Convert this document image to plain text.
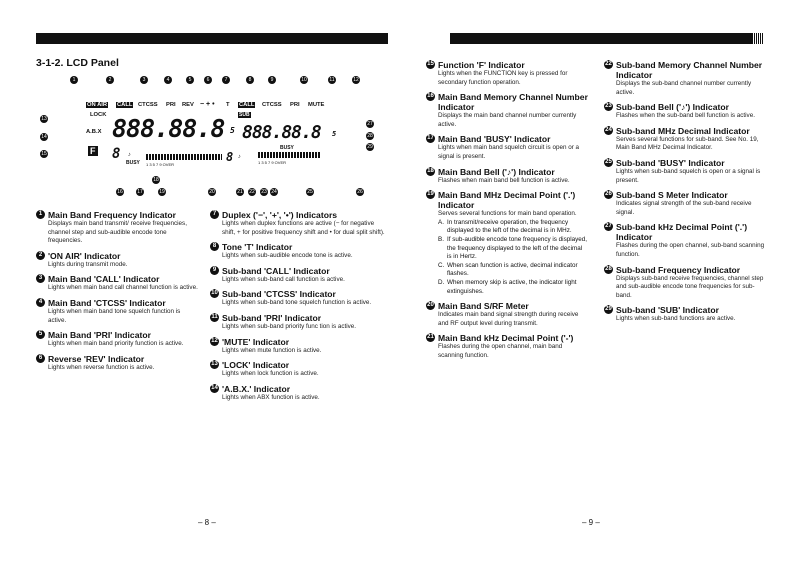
3-1-2. LCD Panel
1	2	3	4	5	6	7	8	9	10	11	12
13
14
15
27
28
29
26
16	17
18
19	20	21 22 23 24	25
ON AIR CALL CTCSS PRI REV − + • T CALL CTCSS PRI MUTE
LOCK
A.B.X
F
888.88.8 5
8 ♪
BUSY 1 3 5 7 9 OVER
SUB
888.88.8 5
8 ♪
BUSY
1 3 5 7 9 OVER
1 Main Band Frequency Indicator
Displays main band transmit/ receive frequencies, channel step and sub-audible encode tone frequencies.
2 'ON AIR' Indicator
Lights during transmit mode.
3 Main Band 'CALL' Indicator
Lights when main band call channel function is active.
4 Main Band 'CTCSS' Indicator
Lights when main band tone squelch function is active.
5 Main Band 'PRI' Indicator
Lights when main band priority function is active.
6 Reverse 'REV' Indicator
Lights when reverse function is active.
7 Duplex ('−', '+', '•') Indicators
Lights when duplex functions are active (− for negative shift, + for positive frequency shift and • for dual split shift).
8 Tone 'T' Indicator
Lights when sub-audible encode tone is active.
9 Sub-band 'CALL' Indicator
Lights when sub-band call function is active.
10 Sub-band 'CTCSS' Indicator
Lights when sub-band tone squelch function is active.
11 Sub-band 'PRI' Indicator
Lights when sub-band priority func tion is active.
12 'MUTE' Indicator
Lights when mute function is active.
13 'LOCK' Indicator
Lights when lock function is active.
14 'A.B.X.' Indicator
Lights when ABX function is active.
– 8 –
15 Function 'F' Indicator
Lights when the FUNCTION key is pressed for secondary function operation.
16 Main Band Memory Channel Number Indicator
Displays the main band channel number currently active.
17 Main Band 'BUSY' Indicator
Lights when main band squelch circuit is open or a signal is present.
18 Main Band Bell ('♪') Indicator
Flashes when main band bell function is active.
19 Main Band MHz Decimal Point ('.') Indicator
Serves several functions for main band operation.
A. In transmit/receive operation, the frequency displayed to the left of the decimal is in MHz.
B. If sub-audible encode tone frequency is displayed, the frequency displayed to the left of the decimal is in Hertz.
C. When scan function is active, decimal indicator flashes.
D. When memory skip is active, the indicator light extinguishes.
20 Main Band S/RF Meter
Indicates main band signal strength during receive and RF output level during transmit.
21 Main Band kHz Decimal Point ('-')
Flashes during the open channel, main band scanning function.
22 Sub-band Memory Channel Number Indicator
Displays the sub-band channel number currently active.
23 Sub-band Bell ('♪') Indicator
Flashes when the sub-band bell function is active.
24 Sub-band MHz Decimal Indicator
Serves several functions for sub-band. See No. 19, Main Band MHz Decimal Indicator.
25 Sub-band 'BUSY' Indicator
Lights when sub-band squelch is open or a signal is present.
26 Sub-band S Meter Indicator
Indicates signal strength of the sub-band receive signal.
27 Sub-band kHz Decimal Point ('.') Indicator
Flashes during the open channel, sub-band scanning function.
28 Sub-band Frequency Indicator
Displays sub-band receive frequencies, channel step and sub-audible encode tone frequencies for sub-band.
29 Sub-band 'SUB' Indicator
Lights when sub-band functions are active.
– 9 –
